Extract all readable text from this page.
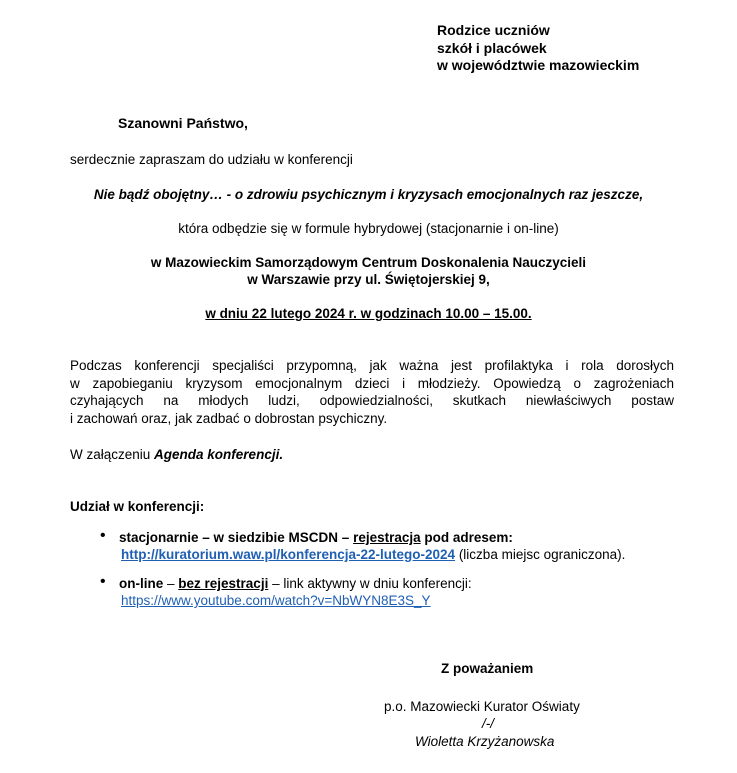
Rodzice uczniów
szkół i placówek
w województwie mazowieckim
Szanowni Państwo,
serdecznie zapraszam do udziału w konferencji
Nie bądź obojętny… - o zdrowiu psychicznym i kryzysach emocjonalnych raz jeszcze,
która odbędzie się w formule hybrydowej (stacjonarnie i on-line)
w Mazowieckim Samorządowym Centrum Doskonalenia Nauczycieli
w Warszawie przy ul. Świętojerskiej 9,
w dniu 22 lutego 2024 r. w godzinach 10.00 – 15.00.
Podczas konferencji specjaliści przypomną, jak ważna jest profilaktyka i rola dorosłych
w zapobieganiu kryzysom emocjonalnym dzieci i młodzieży. Opowiedzą o zagrożeniach
czyhających na młodych ludzi, odpowiedzialności, skutkach niewłaściwych postaw
i zachowań oraz, jak zadbać o dobrostan psychiczny.
W załączeniu Agenda konferencji.
Udział w konferencji:
• stacjonarnie – w siedzibie MSCDN – rejestracja pod adresem:
http://kuratorium.waw.pl/konferencja-22-lutego-2024 (liczba miejsc ograniczona).
• on-line – bez rejestracji – link aktywny w dniu konferencji:
https://www.youtube.com/watch?v=NbWYN8E3S_Y
Z poważaniem
p.o. Mazowiecki Kurator Oświaty
/-/
Wioletta Krzyżanowska
